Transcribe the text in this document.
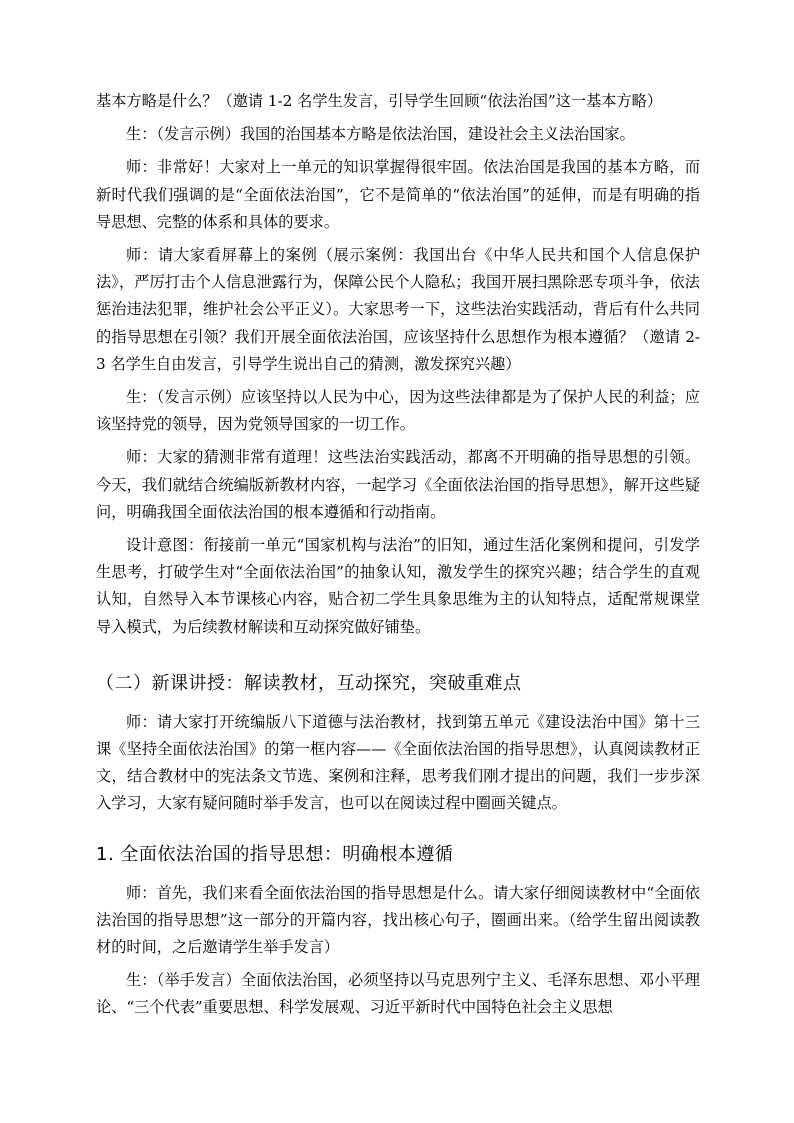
基本方略是什么？（邀请 1-2 名学生发言，引导学生回顾“依法治国”这一基本方略）

生：（发言示例）我国的治国基本方略是依法治国，建设社会主义法治国家。

师：非常好！大家对上一单元的知识掌握得很牢固。依法治国是我国的基本方略，而新时代我们强调的是“全面依法治国”，它不是简单的“依法治国”的延伸，而是有明确的指导思想、完整的体系和具体的要求。

师：请大家看屏幕上的案例（展示案例：我国出台《中华人民共和国个人信息保护法》，严厉打击个人信息泄露行为，保障公民个人隐私；我国开展扫黑除恶专项斗争，依法惩治违法犯罪，维护社会公平正义）。大家思考一下，这些法治实践活动，背后有什么共同的指导思想在引领？我们开展全面依法治国，应该坚持什么思想作为根本遵循？（邀请 2-3 名学生自由发言，引导学生说出自己的猜测，激发探究兴趣）

生：（发言示例）应该坚持以人民为中心，因为这些法律都是为了保护人民的利益；应该坚持党的领导，因为党领导国家的一切工作。

师：大家的猜测非常有道理！这些法治实践活动，都离不开明确的指导思想的引领。今天，我们就结合统编版新教材内容，一起学习《全面依法治国的指导思想》，解开这些疑问，明确我国全面依法治国的根本遵循和行动指南。

设计意图：衔接前一单元“国家机构与法治”的旧知，通过生活化案例和提问，引发学生思考，打破学生对“全面依法治国”的抽象认知，激发学生的探究兴趣；结合学生的直观认知，自然导入本节课核心内容，贴合初二学生具象思维为主的认知特点，适配常规课堂导入模式，为后续教材解读和互动探究做好铺垫。

（二）新课讲授：解读教材，互动探究，突破重难点

师：请大家打开统编版八下道德与法治教材，找到第五单元《建设法治中国》第十三课《坚持全面依法治国》的第一框内容——《全面依法治国的指导思想》，认真阅读教材正文，结合教材中的宪法条文节选、案例和注释，思考我们刚才提出的问题，我们一步步深入学习，大家有疑问随时举手发言，也可以在阅读过程中圈画关键点。

1. 全面依法治国的指导思想：明确根本遵循

师：首先，我们来看全面依法治国的指导思想是什么。请大家仔细阅读教材中“全面依法治国的指导思想”这一部分的开篇内容，找出核心句子，圈画出来。（给学生留出阅读教材的时间，之后邀请学生举手发言）

生：（举手发言）全面依法治国，必须坚持以马克思列宁主义、毛泽东思想、邓小平理论、“三个代表”重要思想、科学发展观、习近平新时代中国特色社会主义思想
